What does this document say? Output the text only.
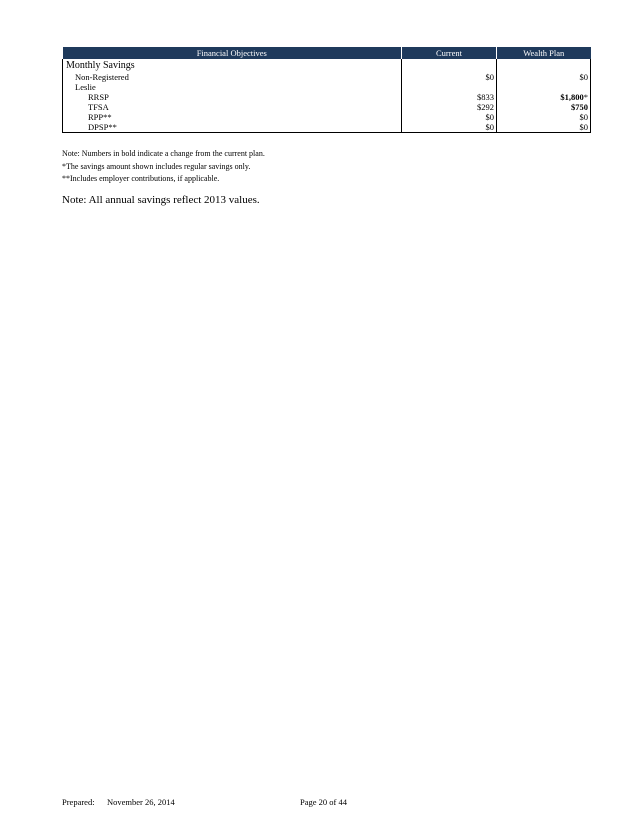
Financial Objectives	Current	Wealth Plan
Monthly Savings		
Non-Registered	$0	$0
Leslie		
RRSP	$833	$1,800*
TFSA	$292	$750
RPP**	$0	$0
DPSP**	$0	$0
Note: Numbers in bold indicate a change from the current plan.
*The savings amount shown includes regular savings only.
**Includes employer contributions, if applicable.
Note: All annual savings reflect 2013 values.
Prepared: November 26, 2014	Page 20 of 44
